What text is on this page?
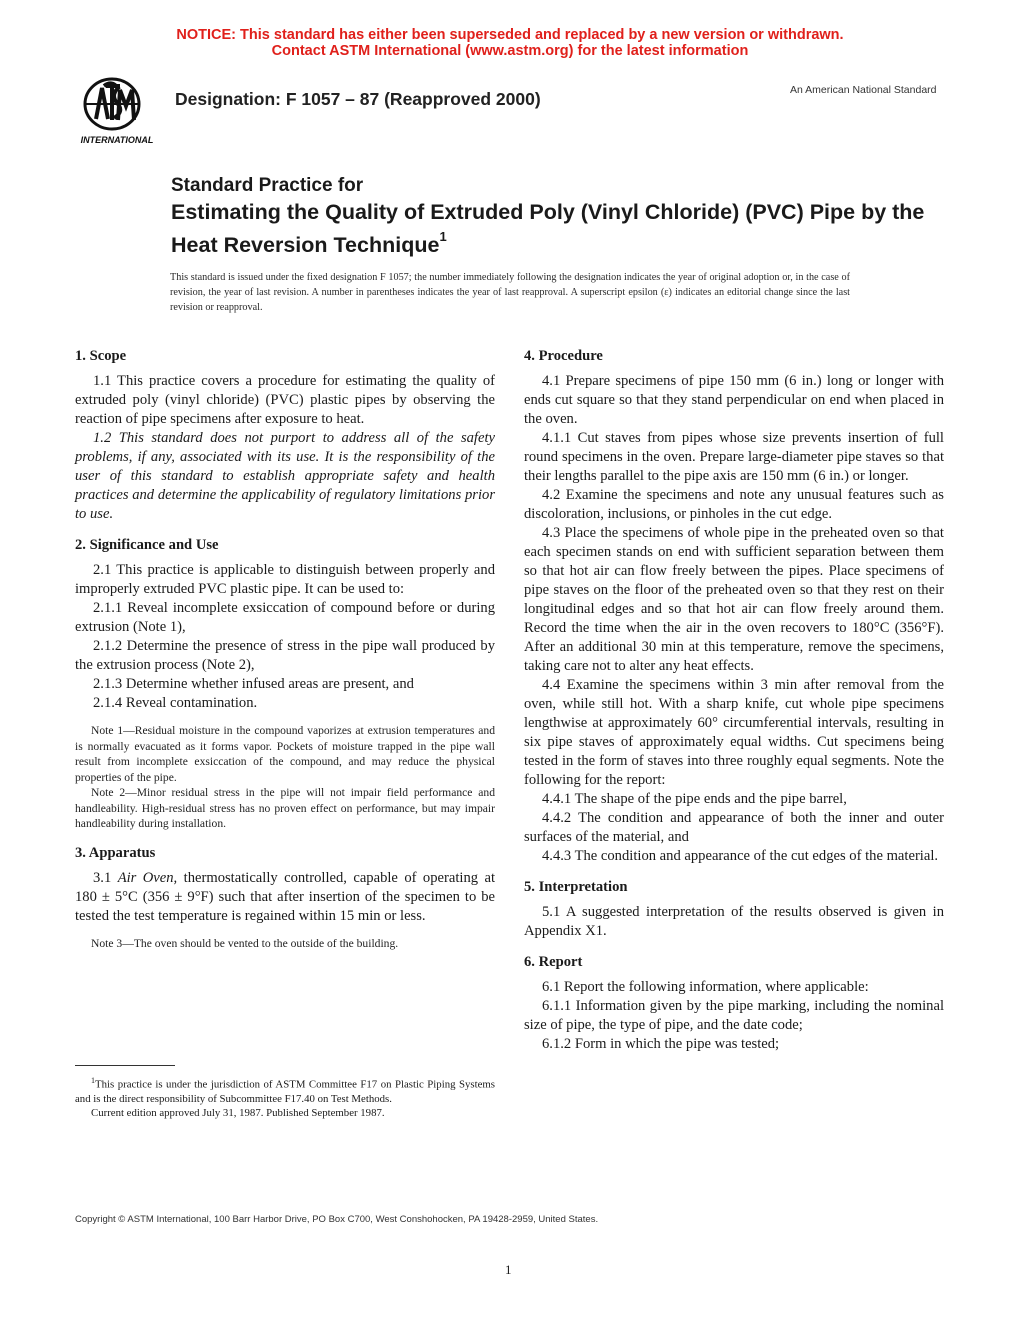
NOTICE: This standard has either been superseded and replaced by a new version or withdrawn.
Contact ASTM International (www.astm.org) for the latest information
INTERNATIONAL
Designation: F 1057 – 87 (Reapproved 2000)	An American National Standard
Standard Practice for
Estimating the Quality of Extruded Poly (Vinyl Chloride) (PVC) Pipe by the Heat Reversion Technique$^1$
This standard is issued under the fixed designation F 1057; the number immediately following the designation indicates the year of original adoption or, in the case of revision, the year of last revision. A number in parentheses indicates the year of last reapproval. A superscript epsilon (ε) indicates an editorial change since the last revision or reapproval.
1. Scope

1.1 This practice covers a procedure for estimating the quality of extruded poly (vinyl chloride) (PVC) plastic pipes by observing the reaction of pipe specimens after exposure to heat.

1.2 This standard does not purport to address all of the safety problems, if any, associated with its use. It is the responsibility of the user of this standard to establish appropriate safety and health practices and determine the applicability of regulatory limitations prior to use.

2. Significance and Use

2.1 This practice is applicable to distinguish between properly and improperly extruded PVC plastic pipe. It can be used to:

2.1.1 Reveal incomplete exsiccation of compound before or during extrusion (Note 1),

2.1.2 Determine the presence of stress in the pipe wall produced by the extrusion process (Note 2),

2.1.3 Determine whether infused areas are present, and

2.1.4 Reveal contamination.

Note 1—Residual moisture in the compound vaporizes at extrusion temperatures and is normally evacuated as it forms vapor. Pockets of moisture trapped in the pipe wall result from incomplete exsiccation of the compound, and may reduce the physical properties of the pipe.

Note 2—Minor residual stress in the pipe will not impair field performance and handleability. High-residual stress has no proven effect on performance, but may impair handleability during installation.

3. Apparatus

3.1 Air Oven, thermostatically controlled, capable of operating at 180 ± 5°C (356 ± 9°F) such that after insertion of the specimen to be tested the test temperature is regained within 15 min or less.

Note 3—The oven should be vented to the outside of the building.

$^1$This practice is under the jurisdiction of ASTM Committee F17 on Plastic Piping Systems and is the direct responsibility of Subcommittee F17.40 on Test Methods.

Current edition approved July 31, 1987. Published September 1987.

4. Procedure

4.1 Prepare specimens of pipe 150 mm (6 in.) long or longer with ends cut square so that they stand perpendicular on end when placed in the oven.

4.1.1 Cut staves from pipes whose size prevents insertion of full round specimens in the oven. Prepare large-diameter pipe staves so that their lengths parallel to the pipe axis are 150 mm (6 in.) or longer.

4.2 Examine the specimens and note any unusual features such as discoloration, inclusions, or pinholes in the cut edge.

4.3 Place the specimens of whole pipe in the preheated oven so that each specimen stands on end with sufficient separation between them so that hot air can flow freely between the pipes. Place specimens of pipe staves on the floor of the preheated oven so that they rest on their longitudinal edges and so that hot air can flow freely around them. Record the time when the air in the oven recovers to 180°C (356°F). After an additional 30 min at this temperature, remove the specimens, taking care not to alter any heat effects.

4.4 Examine the specimens within 3 min after removal from the oven, while still hot. With a sharp knife, cut whole pipe specimens lengthwise at approximately 60° circumferential intervals, resulting in six pipe staves of approximately equal widths. Cut specimens being tested in the form of staves into three roughly equal segments. Note the following for the report:

4.4.1 The shape of the pipe ends and the pipe barrel,

4.4.2 The condition and appearance of both the inner and outer surfaces of the material, and

4.4.3 The condition and appearance of the cut edges of the material.

5. Interpretation

5.1 A suggested interpretation of the results observed is given in Appendix X1.

6. Report

6.1 Report the following information, where applicable:

6.1.1 Information given by the pipe marking, including the nominal size of pipe, the type of pipe, and the date code;

6.1.2 Form in which the pipe was tested;

Copyright © ASTM International, 100 Barr Harbor Drive, PO Box C700, West Conshohocken, PA 19428-2959, United States.
1
